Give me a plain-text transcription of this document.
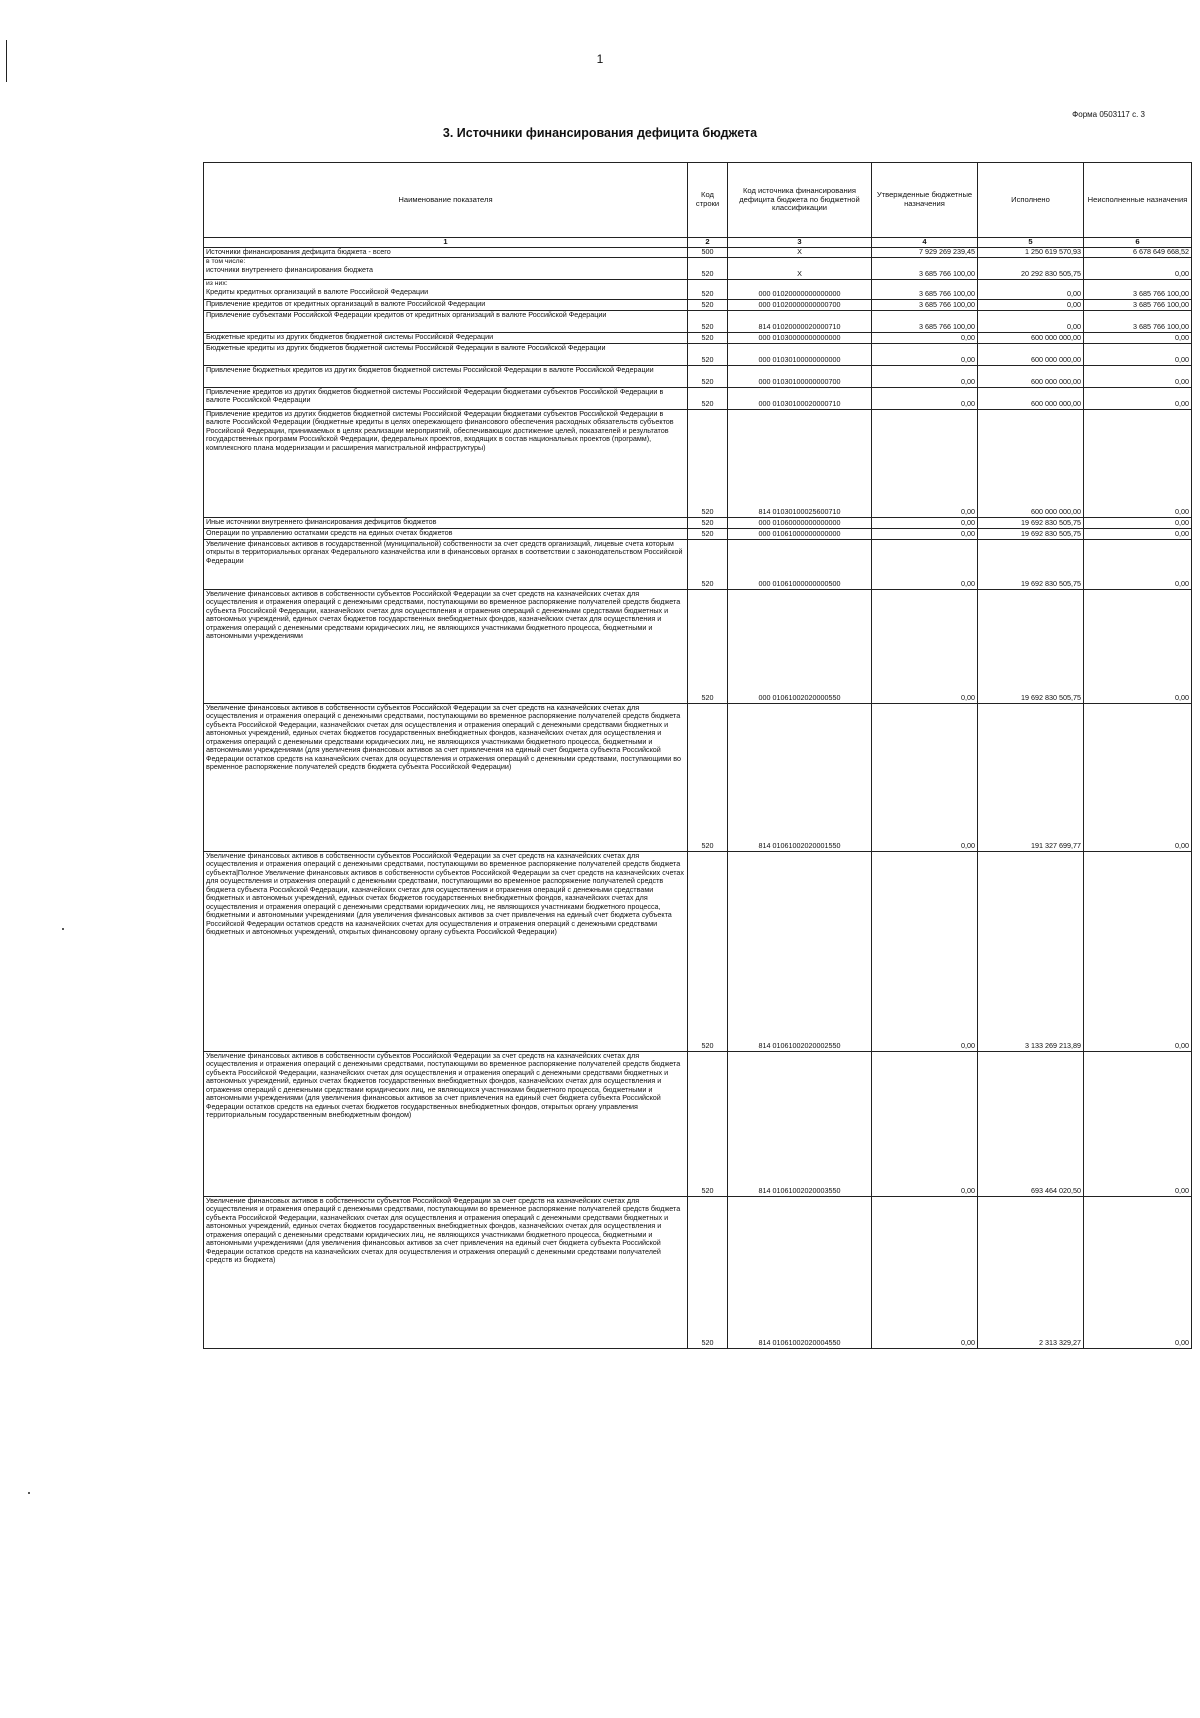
1
Форма 0503117 с. 3
3. Источники финансирования дефицита бюджета
Наименование показателя	Код строки	Код источника финансирования дефицита бюджета по бюджетной классификации	Утвержденные бюджетные назначения	Исполнено	Неисполненные назначения
1	2	3	4	5	6

Источники финансирования дефицита бюджета - всего	500	X	7 929 269 239,45	1 250 619 570,93	6 678 649 668,52

в том числе:
источники внутреннего финансирования бюджета	520	X	3 685 766 100,00	20 292 830 505,75	0,00

из них:
Кредиты кредитных организаций в валюте Российской Федерации	520	000 01020000000000000	3 685 766 100,00	0,00	3 685 766 100,00

Привлечение кредитов от кредитных организаций в валюте Российской Федерации	520	000 01020000000000700	3 685 766 100,00	0,00	3 685 766 100,00

Привлечение субъектами Российской Федерации кредитов от кредитных организаций в валюте Российской Федерации	520	814 01020000020000710	3 685 766 100,00	0,00	3 685 766 100,00

Бюджетные кредиты из других бюджетов бюджетной системы Российской Федерации	520	000 01030000000000000	0,00	600 000 000,00	0,00

Бюджетные кредиты из других бюджетов бюджетной системы Российской Федерации в валюте Российской Федерации	520	000 01030100000000000	0,00	600 000 000,00	0,00

Привлечение бюджетных кредитов из других бюджетов бюджетной системы Российской Федерации в валюте Российской Федерации	520	000 01030100000000700	0,00	600 000 000,00	0,00

Привлечение кредитов из других бюджетов бюджетной системы Российской Федерации бюджетами субъектов Российской Федерации в валюте Российской Федерации	520	000 01030100020000710	0,00	600 000 000,00	0,00

Привлечение кредитов из других бюджетов бюджетной системы Российской Федерации бюджетами субъектов Российской Федерации в валюте Российской Федерации (бюджетные кредиты в целях опережающего финансового обеспечения расходных обязательств субъектов Российской Федерации, принимаемых в целях реализации мероприятий, обеспечивающих достижение целей, показателей и результатов государственных программ Российской Федерации, федеральных проектов, входящих в состав национальных проектов (программ), комплексного плана модернизации и расширения магистральной инфраструктуры)	520	814 01030100025600710	0,00	600 000 000,00	0,00

Иные источники внутреннего финансирования дефицитов бюджетов	520	000 01060000000000000	0,00	19 692 830 505,75	0,00

Операции по управлению остатками средств на единых счетах бюджетов	520	000 01061000000000000	0,00	19 692 830 505,75	0,00

Увеличение финансовых активов в государственной (муниципальной) собственности за счет средств организаций, лицевые счета которым открыты в территориальных органах Федерального казначейства или в финансовых органах в соответствии с законодательством Российской Федерации	520	000 01061000000000500	0,00	19 692 830 505,75	0,00

Увеличение финансовых активов в собственности субъектов Российской Федерации за счет средств на казначейских счетах для осуществления и отражения операций с денежными средствами, поступающими во временное распоряжение получателей средств бюджета субъекта Российской Федерации, казначейских счетах для осуществления и отражения операций с денежными средствами бюджетных и автономных учреждений, единых счетах бюджетов государственных внебюджетных фондов, казначейских счетах для осуществления и отражения операций с денежными средствами юридических лиц, не являющихся участниками бюджетного процесса, бюджетными и автономными учреждениями	520	000 01061002020000550	0,00	19 692 830 505,75	0,00

Увеличение финансовых активов в собственности субъектов Российской Федерации за счет средств на казначейских счетах для осуществления и отражения операций с денежными средствами, поступающими во временное распоряжение получателей средств бюджета субъекта Российской Федерации, казначейских счетах для осуществления и отражения операций с денежными средствами бюджетных и автономных учреждений, единых счетах бюджетов государственных внебюджетных фондов, казначейских счетах для осуществления и отражения операций с денежными средствами юридических лиц, не являющихся участниками бюджетного процесса, бюджетными и автономными учреждениями (для увеличения финансовых активов за счет привлечения на единый счет бюджета субъекта Российской Федерации остатков средств на казначейских счетах для осуществления и отражения операций с денежными средствами, поступающими во временное распоряжение получателей средств бюджета субъекта Российской Федерации)	520	814 01061002020001550	0,00	191 327 699,77	0,00

Увеличение финансовых активов в собственности субъектов Российской Федерации за счет средств на казначейских счетах для осуществления и отражения операций с денежными средствами, поступающими во временное распоряжение получателей средств бюджета субъекта|Полное Увеличение финансовых активов в собственности субъектов Российской Федерации за счет средств на казначейских счетах для осуществления и отражения операций с денежными средствами, поступающими во временное распоряжение получателей средств бюджета субъекта Российской Федерации, казначейских счетах для осуществления и отражения операций с денежными средствами бюджетных и автономных учреждений, единых счетах бюджетов государственных внебюджетных фондов, казначейских счетах для осуществления и отражения операций с денежными средствами юридических лиц, не являющихся участниками бюджетного процесса, бюджетными и автономными учреждениями (для увеличения финансовых активов за счет привлечения на единый счет бюджета субъекта Российской Федерации остатков средств на казначейских счетах для осуществления и отражения операций с денежными средствами бюджетных и автономных учреждений, открытых финансовому органу субъекта Российской Федерации)	520	814 01061002020002550	0,00	3 133 269 213,89	0,00

Увеличение финансовых активов в собственности субъектов Российской Федерации за счет средств на казначейских счетах для осуществления и отражения операций с денежными средствами, поступающими во временное распоряжение получателей средств бюджета субъекта Российской Федерации, казначейских счетах для осуществления и отражения операций с денежными средствами бюджетных и автономных учреждений, единых счетах бюджетов государственных внебюджетных фондов, казначейских счетах для осуществления и отражения операций с денежными средствами юридических лиц, не являющихся участниками бюджетного процесса, бюджетными и автономными учреждениями (для увеличения финансовых активов за счет привлечения на единый счет бюджета субъекта Российской Федерации остатков средств на единых счетах бюджетов государственных внебюджетных фондов, открытых органу управления территориальным государственным внебюджетным фондом)	520	814 01061002020003550	0,00	693 464 020,50	0,00

Увеличение финансовых активов в собственности субъектов Российской Федерации за счет средств на казначейских счетах для осуществления и отражения операций с денежными средствами, поступающими во временное распоряжение получателей средств бюджета субъекта Российской Федерации, казначейских счетах для осуществления и отражения операций с денежными средствами бюджетных и автономных учреждений, единых счетах бюджетов государственных внебюджетных фондов, казначейских счетах для осуществления и отражения операций с денежными средствами юридических лиц, не являющихся участниками бюджетного процесса, бюджетными и автономными учреждениями (для увеличения финансовых активов за счет привлечения на единый счет бюджета субъекта Российской Федерации остатков средств на казначейских счетах для осуществления и отражения операций с денежными средствами получателей средств из бюджета)	520	814 01061002020004550	0,00	2 313 329,27	0,00
